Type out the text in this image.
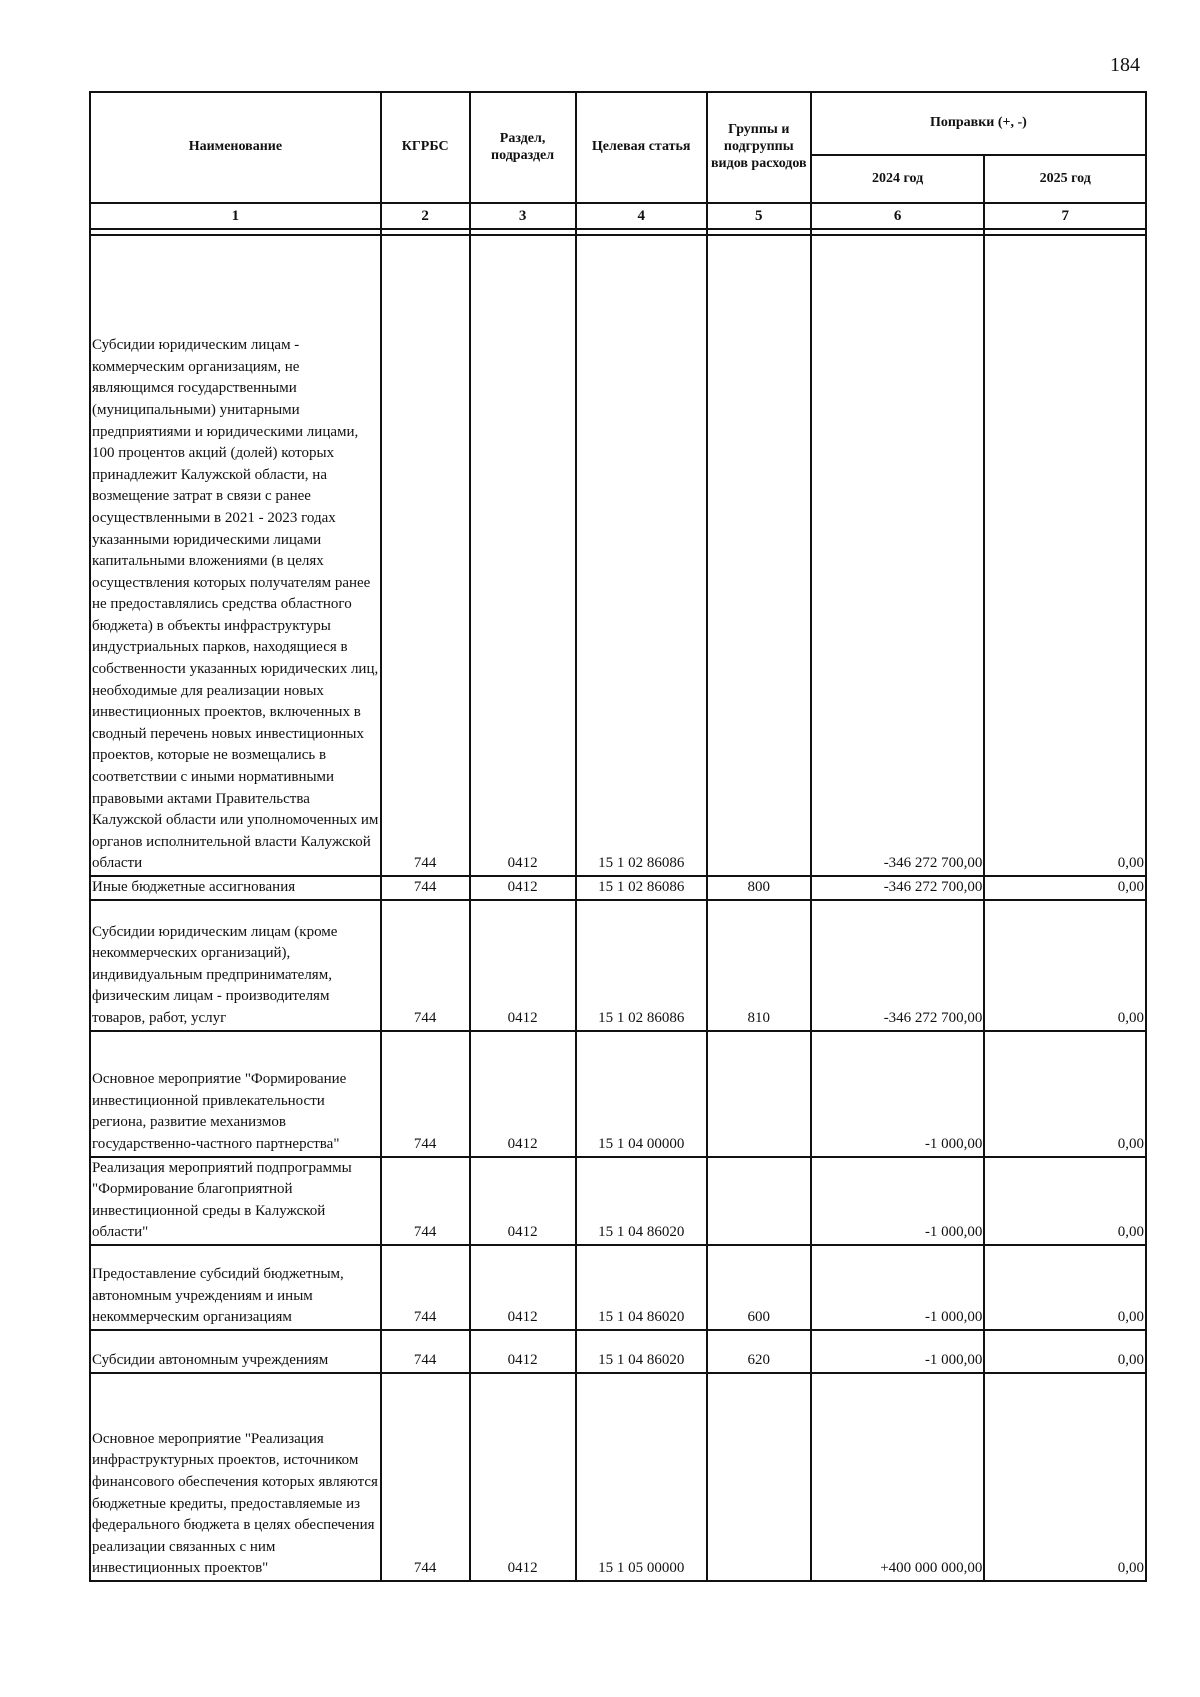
184
Наименование	КГРБС	Раздел, подраздел	Целевая статья	Группы и подгруппы видов расходов	Поправки (+, -)	
					2024 год	2025 год
1	2	3	4	5	6	7

Субсидии юридическим лицам - коммерческим организациям, не являющимся государственными (муниципальными) унитарными предприятиями и юридическими лицами, 100 процентов акций (долей) которых принадлежит Калужской области, на возмещение затрат в связи с ранее осуществленными в 2021 - 2023 годах указанными юридическими лицами капитальными вложениями (в целях осуществления которых получателям ранее не предоставлялись средства областного бюджета) в объекты инфраструктуры индустриальных парков, находящиеся в собственности указанных юридических лиц, необходимые для реализации новых инвестиционных проектов, включенных в сводный перечень новых инвестиционных проектов, которые не возмещались в соответствии с иными нормативными правовыми актами Правительства Калужской области или уполномоченных им органов исполнительной власти Калужской области	744	0412	15 1 02 86086		-346 272 700,00	0,00
Иные бюджетные ассигнования	744	0412	15 1 02 86086	800	-346 272 700,00	0,00
Субсидии юридическим лицам (кроме некоммерческих организаций), индивидуальным предпринимателям, физическим лицам - производителям товаров, работ, услуг	744	0412	15 1 02 86086	810	-346 272 700,00	0,00
Основное мероприятие "Формирование инвестиционной привлекательности региона, развитие механизмов государственно-частного партнерства"	744	0412	15 1 04 00000		-1 000,00	0,00
Реализация мероприятий подпрограммы "Формирование благоприятной инвестиционной среды в Калужской области"	744	0412	15 1 04 86020		-1 000,00	0,00
Предоставление субсидий бюджетным, автономным учреждениям и иным некоммерческим организациям	744	0412	15 1 04 86020	600	-1 000,00	0,00
Субсидии автономным учреждениям	744	0412	15 1 04 86020	620	-1 000,00	0,00
Основное мероприятие "Реализация инфраструктурных проектов, источником финансового обеспечения которых являются бюджетные кредиты, предоставляемые из федерального бюджета в целях обеспечения реализации связанных с ним инвестиционных проектов"	744	0412	15 1 05 00000		+400 000 000,00	0,00
